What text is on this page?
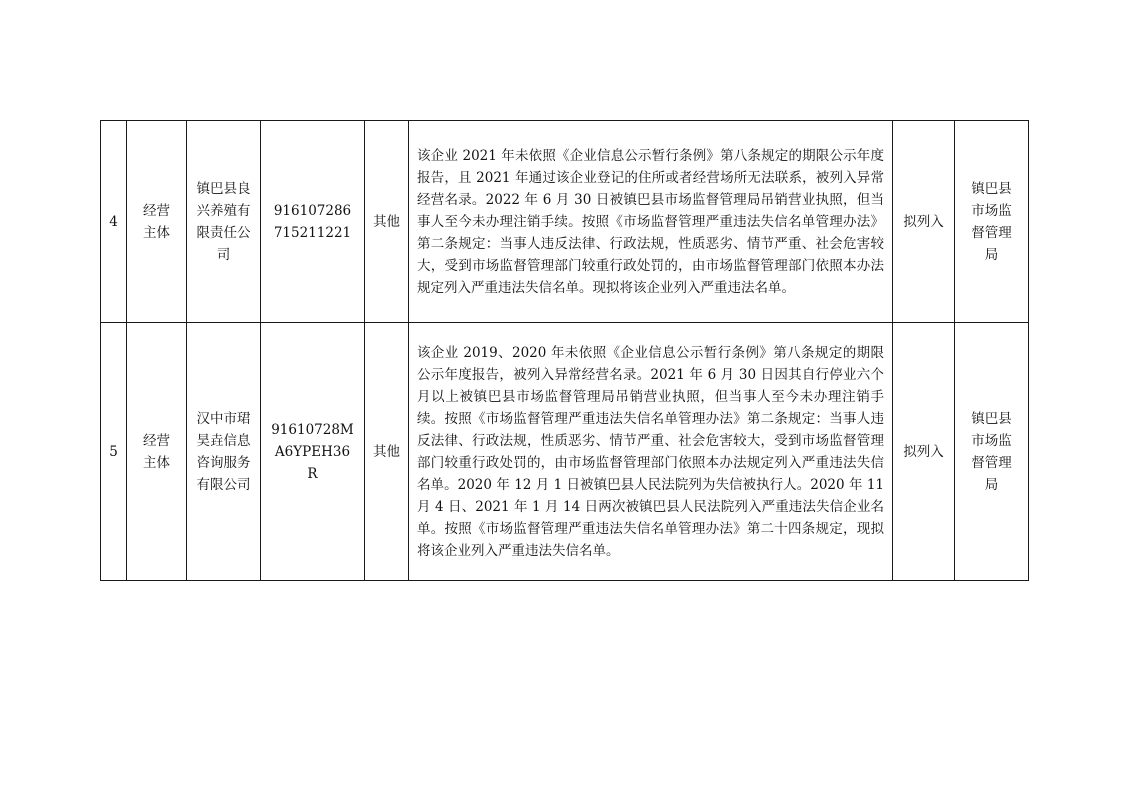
4	经营主体	镇巴县良兴养殖有限责任公司	916107286715211221	其他	该企业 2021 年未依照《企业信息公示暂行条例》第八条规定的期限公示年度报告，且 2021 年通过该企业登记的住所或者经营场所无法联系，被列入异常经营名录。2022 年 6 月 30 日被镇巴县市场监督管理局吊销营业执照，但当事人至今未办理注销手续。按照《市场监督管理严重违法失信名单管理办法》第二条规定：当事人违反法律、行政法规，性质恶劣、情节严重、社会危害较大，受到市场监督管理部门较重行政处罚的，由市场监督管理部门依照本办法规定列入严重违法失信名单。现拟将该企业列入严重违法名单。	拟列入	镇巴县市场监督管理局
5	经营主体	汉中市珺昊垚信息咨询服务有限公司	91610728MA6YPEH36R	其他	该企业 2019、2020 年未依照《企业信息公示暂行条例》第八条规定的期限公示年度报告，被列入异常经营名录。2021 年 6 月 30 日因其自行停业六个月以上被镇巴县市场监督管理局吊销营业执照，但当事人至今未办理注销手续。按照《市场监督管理严重违法失信名单管理办法》第二条规定：当事人违反法律、行政法规，性质恶劣、情节严重、社会危害较大，受到市场监督管理部门较重行政处罚的，由市场监督管理部门依照本办法规定列入严重违法失信名单。2020 年 12 月 1 日被镇巴县人民法院列为失信被执行人。2020 年 11 月 4 日、2021 年 1 月 14 日两次被镇巴县人民法院列入严重违法失信企业名单。按照《市场监督管理严重违法失信名单管理办法》第二十四条规定，现拟将该企业列入严重违法失信名单。	拟列入	镇巴县市场监督管理局
